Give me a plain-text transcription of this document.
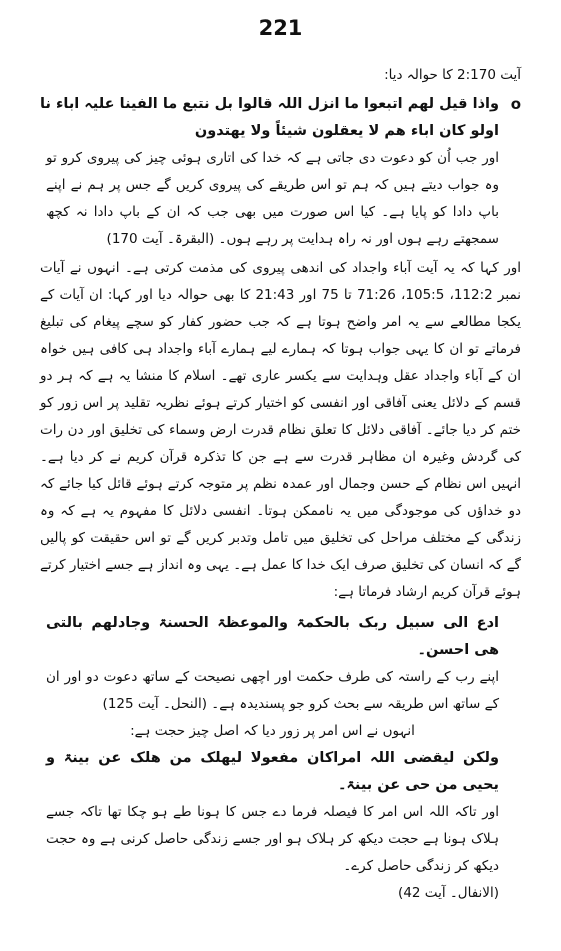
221

آیت 2:170 کا حوالہ دیا:

o

واذا قیل لھم اتبعوا ما انزل اللہ قالوا بل نتبع ما الفینا علیہ اباء نا اولو کان اباء ھم لا یعقلون شیئاً ولا یھتدون

اور جب اُن کو دعوت دی جاتی ہے کہ خدا کی اتاری ہوئی چیز کی پیروی کرو تو وہ جواب دیتے ہیں کہ ہم تو اس طریقے کی پیروی کریں گے جس پر ہم نے اپنے باپ دادا کو پایا ہے۔ کیا اس صورت میں بھی جب کہ ان کے باپ دادا نہ کچھ سمجھتے رہے ہوں اور نہ راہ ہدایت پر رہے ہوں۔ (البقرۃ۔ آیت 170)

اور کہا کہ یہ آیت آباء واجداد کی اندھی پیروی کی مذمت کرتی ہے۔ انہوں نے آیات نمبر 112:2، 105:5، 71:26 تا 75 اور 21:43 کا بھی حوالہ دیا اور کہا: ان آیات کے یکجا مطالعے سے یہ امر واضح ہوتا ہے کہ جب حضور کفار کو سچے پیغام کی تبلیغ فرماتے تو ان کا یہی جواب ہوتا کہ ہمارے لیے ہمارے آباء واجداد ہی کافی ہیں خواہ ان کے آباء واجداد عقل وہدایت سے یکسر عاری تھے۔ اسلام کا منشا یہ ہے کہ ہر دو قسم کے دلائل یعنی آفاقی اور انفسی کو اختیار کرتے ہوئے نظریہ تقلید پر اس زور کو ختم کر دیا جائے۔ آفاقی دلائل کا تعلق نظام قدرت ارض وسماء کی تخلیق اور دن رات کی گردش وغیرہ ان مظاہر قدرت سے ہے جن کا تذکرہ قرآن کریم نے کر دیا ہے۔ انہیں اس نظام کے حسن وجمال اور عمدہ نظم پر متوجہ کرتے ہوئے قائل کیا جائے کہ دو خداؤں کی موجودگی میں یہ ناممکن ہوتا۔ انفسی دلائل کا مفہوم یہ ہے کہ وہ زندگی کے مختلف مراحل کی تخلیق میں تامل وتدبر کریں گے تو اس حقیقت کو پالیں گے کہ انسان کی تخلیق صرف ایک خدا کا عمل ہے۔ یہی وہ انداز ہے جسے اختیار کرتے ہوئے قرآن کریم ارشاد فرماتا ہے:

ادع الی سبیل ربک بالحکمۃ والموعظۃ الحسنۃ وجادلھم بالتی ھی احسن۔

اپنے رب کے راستہ کی طرف حکمت اور اچھی نصیحت کے ساتھ دعوت دو اور ان کے ساتھ اس طریقہ سے بحث کرو جو پسندیدہ ہے۔ (النحل۔ آیت 125)

انہوں نے اس امر پر زور دیا کہ اصل چیز حجت ہے:

ولکن لیقضی اللہ امراکان مفعولا لیھلک من ھلک عن بینۃ و یحیی من حی عن بینۃ۔

اور تاکہ اللہ اس امر کا فیصلہ فرما دے جس کا ہونا طے ہو چکا تھا تاکہ جسے ہلاک ہونا ہے حجت دیکھ کر ہلاک ہو اور جسے زندگی حاصل کرنی ہے وہ حجت دیکھ کر زندگی حاصل کرے۔

(الانفال۔ آیت 42)
